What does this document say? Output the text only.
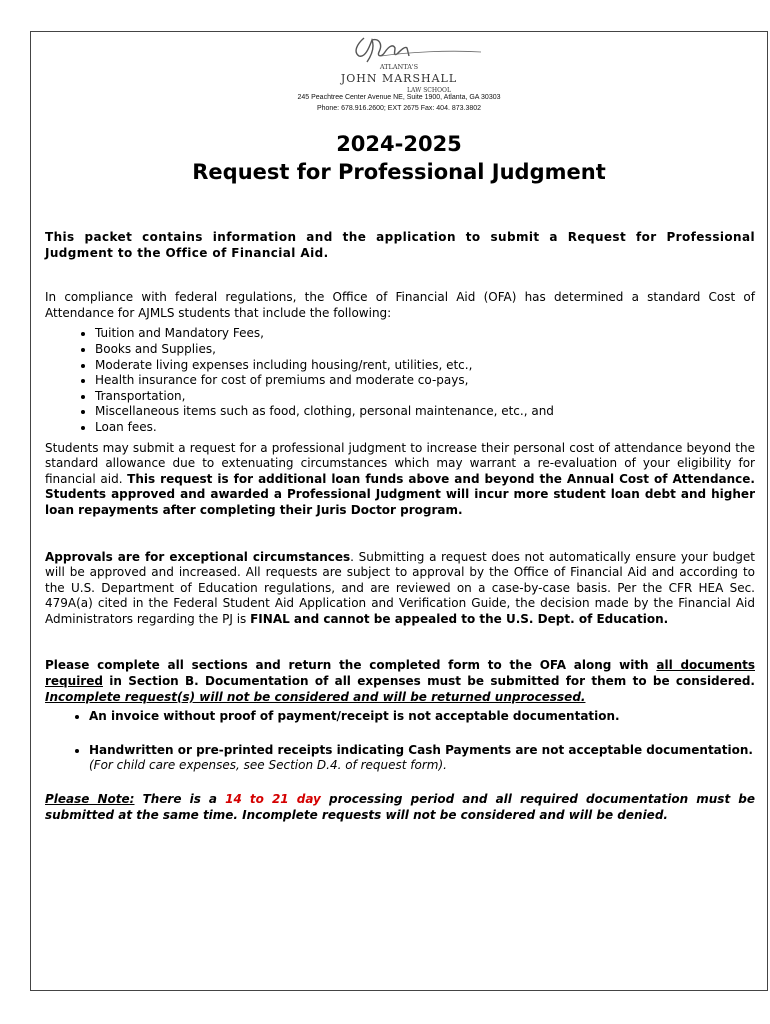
ATLANTA'S
JOHN MARSHALL
LAW SCHOOL
245 Peachtree Center Avenue NE, Suite 1900, Atlanta, GA 30303
Phone: 678.916.2600; EXT 2675 Fax: 404. 873.3802
2024-2025
Request for Professional Judgment

This packet contains information and the application to submit a Request for Professional Judgment to the Office of Financial Aid.

In compliance with federal regulations, the Office of Financial Aid (OFA) has determined a standard Cost of Attendance for AJMLS students that include the following:

• Tuition and Mandatory Fees,
• Books and Supplies,
• Moderate living expenses including housing/rent, utilities, etc.,
• Health insurance for cost of premiums and moderate co-pays,
• Transportation,
• Miscellaneous items such as food, clothing, personal maintenance, etc., and
• Loan fees.

Students may submit a request for a professional judgment to increase their personal cost of attendance beyond the standard allowance due to extenuating circumstances which may warrant a re-evaluation of your eligibility for financial aid. This request is for additional loan funds above and beyond the Annual Cost of Attendance. Students approved and awarded a Professional Judgment will incur more student loan debt and higher loan repayments after completing their Juris Doctor program.

Approvals are for exceptional circumstances. Submitting a request does not automatically ensure your budget will be approved and increased. All requests are subject to approval by the Office of Financial Aid and according to the U.S. Department of Education regulations, and are reviewed on a case-by-case basis. Per the CFR HEA Sec. 479A(a) cited in the Federal Student Aid Application and Verification Guide, the decision made by the Financial Aid Administrators regarding the PJ is FINAL and cannot be appealed to the U.S. Dept. of Education.

Please complete all sections and return the completed form to the OFA along with all documents required in Section B. Documentation of all expenses must be submitted for them to be considered. Incomplete request(s) will not be considered and will be returned unprocessed.

• An invoice without proof of payment/receipt is not acceptable documentation.
• Handwritten or pre-printed receipts indicating Cash Payments are not acceptable documentation. (For child care expenses, see Section D.4. of request form).

Please Note: There is a 14 to 21 day processing period and all required documentation must be submitted at the same time. Incomplete requests will not be considered and will be denied.
